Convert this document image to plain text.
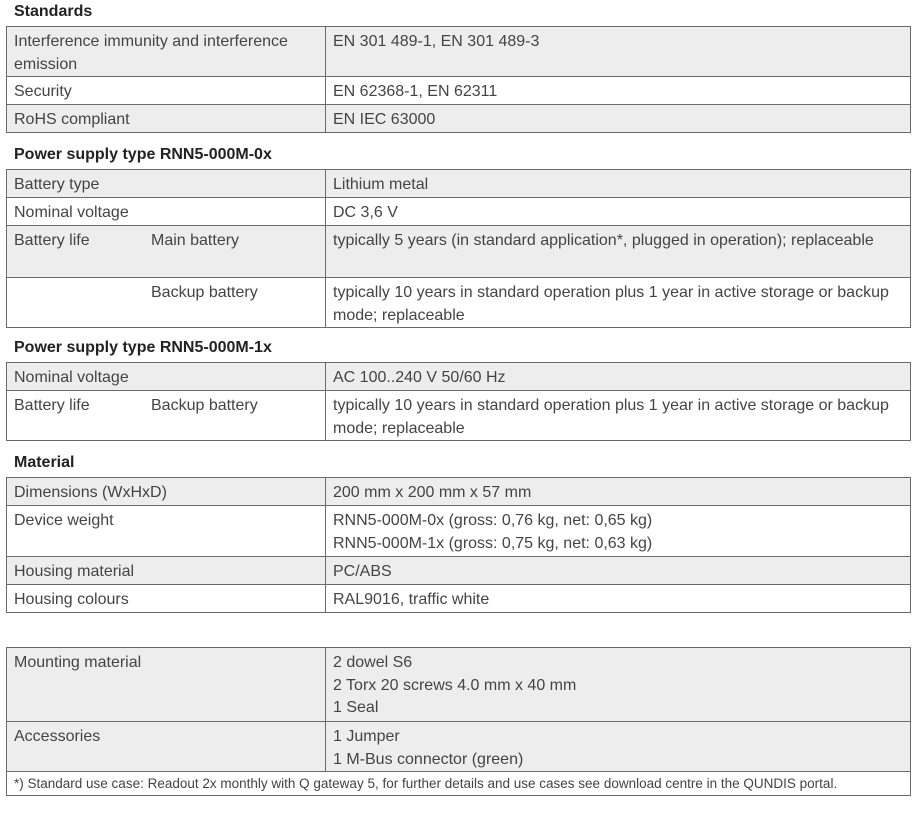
Standards
Interference immunity and interference emission	EN 301 489-1, EN 301 489-3
Security	EN 62368-1, EN 62311
RoHS compliant	EN IEC 63000
Power supply type RNN5-000M-0x
Battery type	Lithium metal
Nominal voltage	DC 3,6 V
Battery life Main battery	typically 5 years (in standard application*, plugged in operation); replaceable
Backup battery	typically 10 years in standard operation plus 1 year in active storage or backup mode; replaceable
Power supply type RNN5-000M-1x
Nominal voltage	AC 100..240 V 50/60 Hz
Battery life Backup battery	typically 10 years in standard operation plus 1 year in active storage or backup mode; replaceable
Material
Dimensions (WxHxD)	200 mm x 200 mm x 57 mm
Device weight	RNN5-000M-0x (gross: 0,76 kg, net: 0,65 kg)
RNN5-000M-1x (gross: 0,75 kg, net: 0,63 kg)

Housing material	PC/ABS
Housing colours	RAL9016, traffic white
Mounting material	2 dowel S6
2 Torx 20 screws 4.0 mm x 40 mm
1 Seal

Accessories	1 Jumper
1 M-Bus connector (green)

*) Standard use case: Readout 2x monthly with Q gateway 5, for further details and use cases see download centre in the QUNDIS portal.	
